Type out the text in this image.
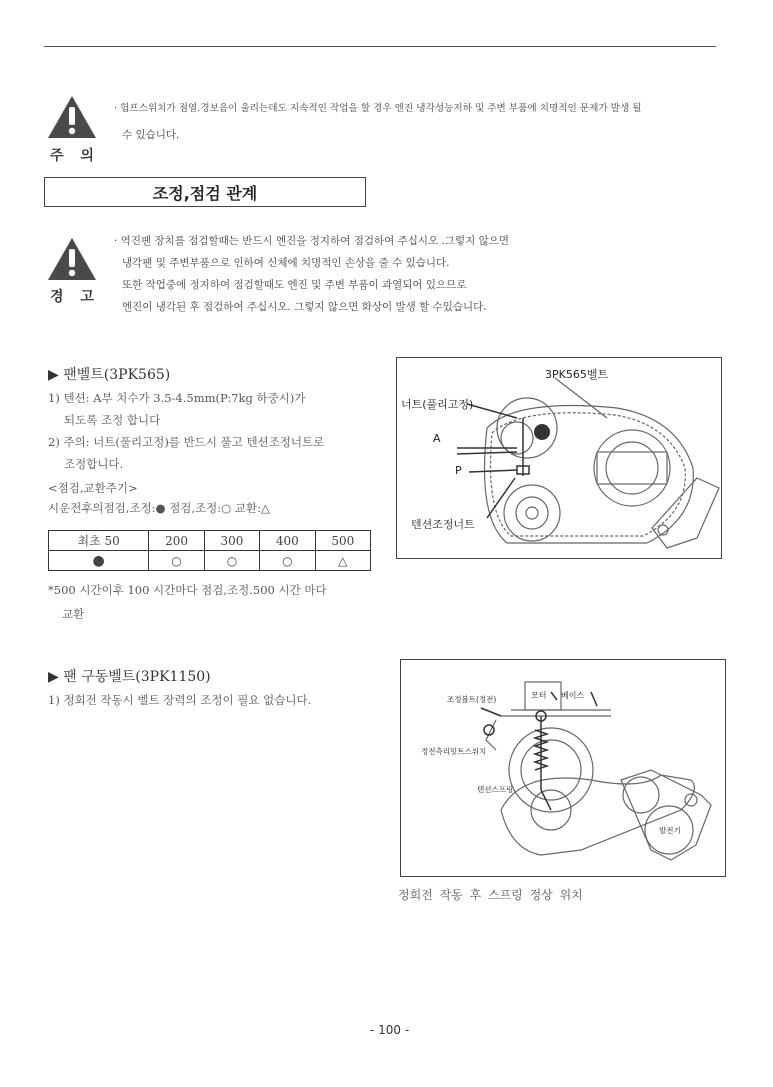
주 의
· 험프스위치가 점열.경보음이 울리는데도 지속적인 작업을 할 경우 엔진 냉각성능저하 및 주변 부품에 치명적인 문제가 발생 될
수 있습니다.
조정,점검 관계
경 고
· 역진팬 장치를 점검할때는 반드시 엔진을 정지하여 점검하여 주십시오 .그렇지 않으면
냉각팬 및 주변부품으로 인하여 신체에 치명적인 손상을 줄 수 있습니다.
또한 작업중에 정지하여 점검할때도 엔진 및 주변 부품이 과열되어 있으므로
엔진이 냉각된 후 점검하여 주십시오. 그렇지 않으면 화상이 발생 할 수있습니다.
▶ 팬벨트(3PK565)
1) 텐션: A부 치수가 3.5-4.5mm(P:7kg 하중시)가
되도록 조정 합니다
2) 주의: 너트(풀리고정)를 반드시 풀고 텐션조정너트로
조정합니다.
<점검,교환주기>
시운전후의점검,조정:● 점검,조정:○ 교환:△
최초 50	200	300	400	500
●	○	○	○	△
*500 시간이후 100 시간마다 점검,조정.500 시간 마다
교환
3PK565벨트
너트(풀리고정)
A
P
텐션조정너트
▶ 팬 구동벨트(3PK1150)
1) 정회전 작동시 벨트 장력의 조정이 필요 없습니다.	조정볼트(정전)	모터 베이스
정전측리밋트스위치
텐션스프링
발전기
정회전 작동 후 스프링 정상 위치
- 100 -
